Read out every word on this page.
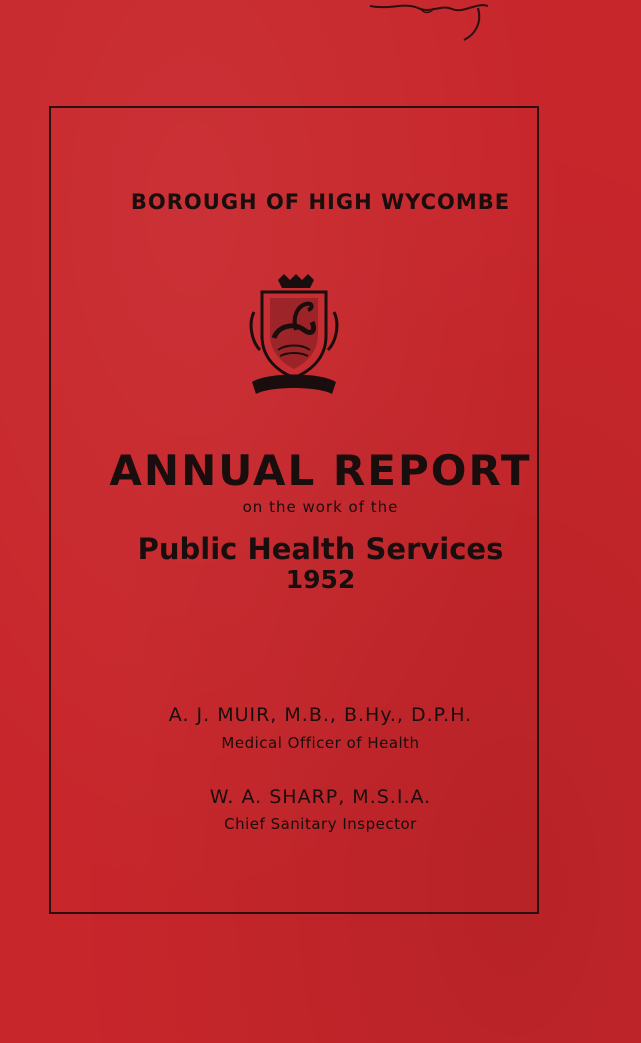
BOROUGH OF HIGH WYCOMBE
ANNUAL REPORT
on the work of the
Public Health Services
1952
A. J. MUIR, M.B., B.Hy., D.P.H.
Medical Officer of Health
W. A. SHARP, M.S.I.A.
Chief Sanitary Inspector
